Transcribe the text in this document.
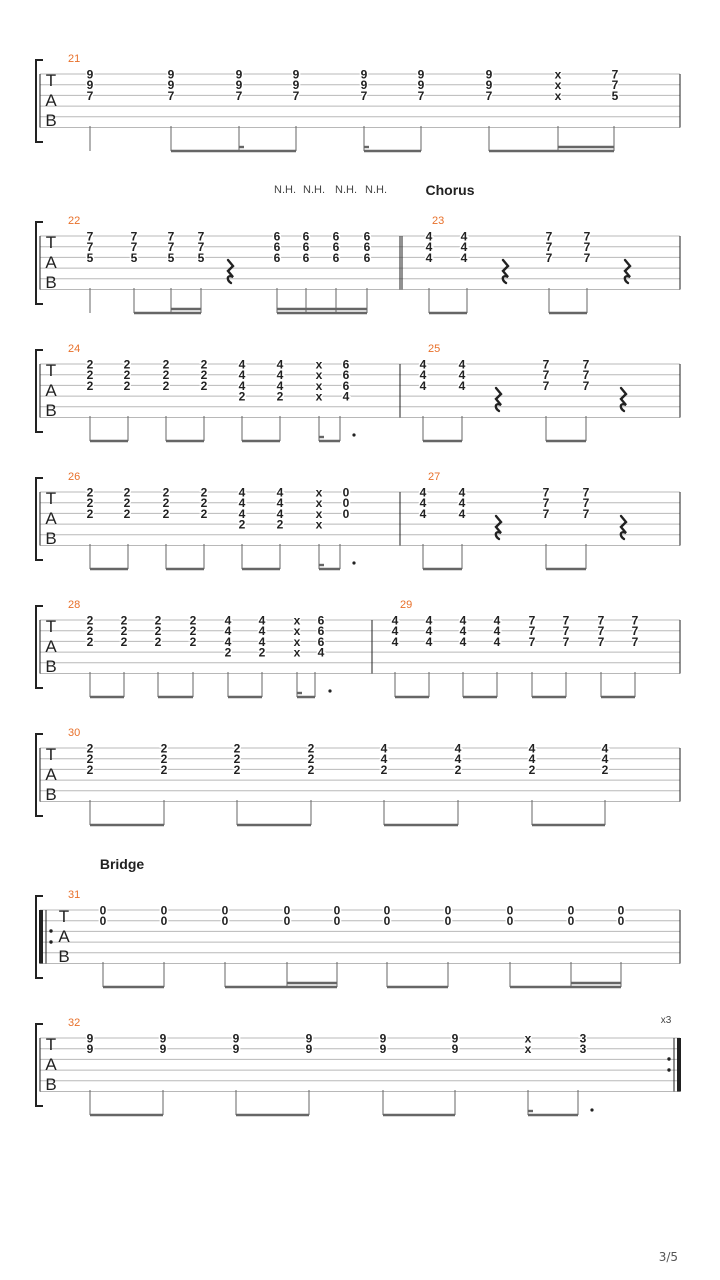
T
A
B
21
9
9
7
9
9
7
9
9
7
9
9
7
9
9
7
9
9
7
9
9
7
x
x
x
7
7
5
T
A
B
22
7
7
5
7
7
5
7
7
5
7
7
5
6
6
6
6
6
6
6
6
6
6
6
6
23
4
4
4
4
4
4
7
7
7
7
7
7
N.H. N.H. N.H. N.H.	Chorus
T
A
B
24
2
2
2
2
2
2
2
2
2
2
2
2
4
4
4
2
4
4
4
2
x
x
x
x
6
6
6
4
25
4
4
4
4
4
4
7
7
7
7
7
7
T
A
B
26
2
2
2
2
2
2
2
2
2
2
2
2
4
4
4
2
4
4
4
2
x
x
x
x
0
0
0
27
4
4
4
4
4
4
7
7
7
7
7
7
T
A
B
28
2
2
2
2
2
2
2
2
2
2
2
2
4
4
4
2
4
4
4
2
x
x
x
x
6
6
6
4
29
4
4
4
4
4
4
4
4
4
4
4
4
7
7
7
7
7
7
7
7
7
7
7
7
T
A
B
30
2
2
2
2
2
2
2
2
2
2
2
2
4
4
2
4
4
2
4
4
2
4
4
2
T
A
B
31
0
0
0
0
0
0
0
0
0
0
0
0
0
0
0
0
0
0
0
0
Bridge
T
A
B
32
9
9
9
9
9
9
9
9
9
9
9
9
x
x
3
3
x3
3/5
